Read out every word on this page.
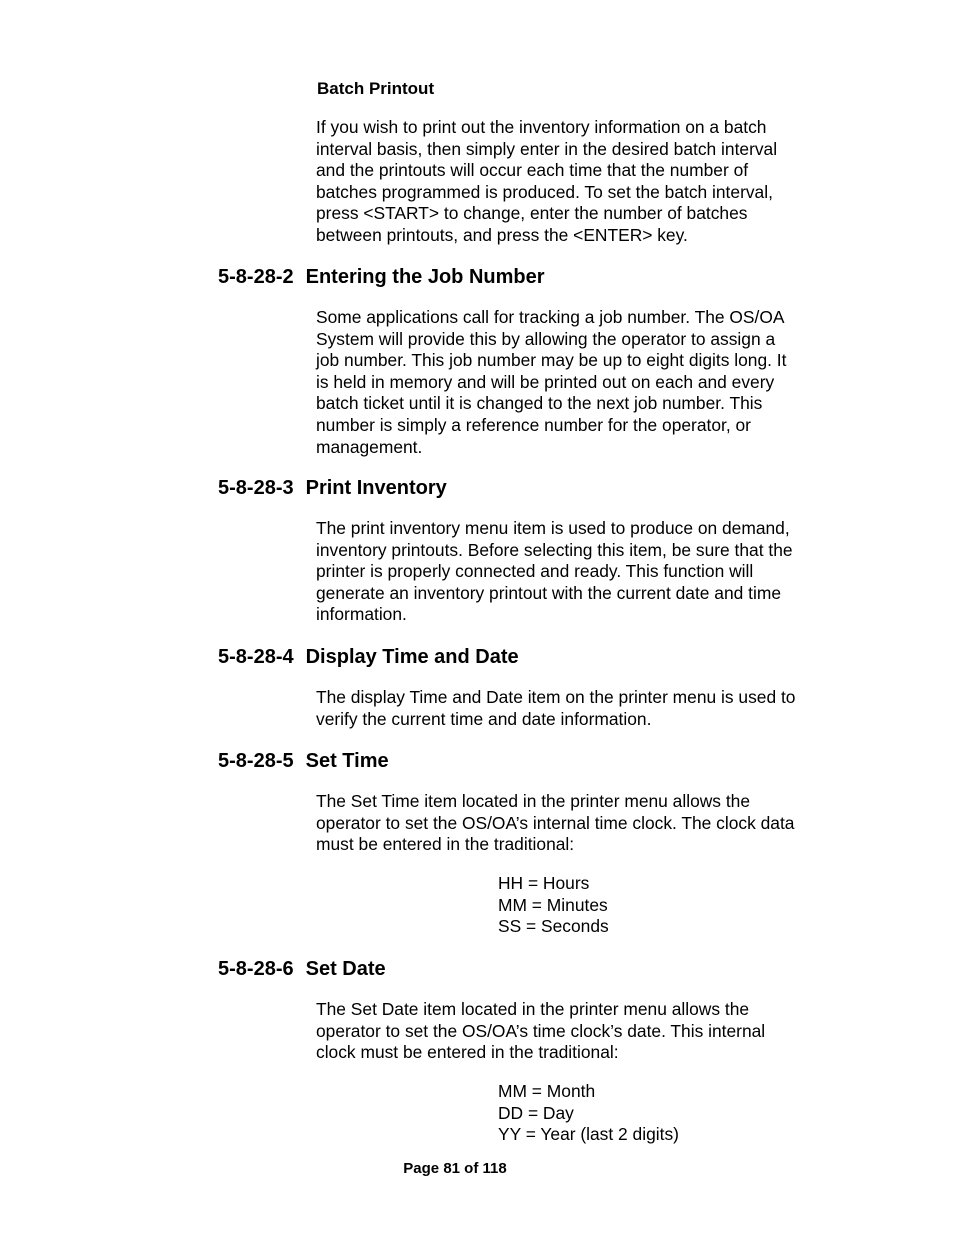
Batch Printout
If you wish to print out the inventory information on a batch
interval basis, then simply enter in the desired batch interval
and the printouts will occur each time that the number of
batches programmed is produced. To set the batch interval,
press <START> to change, enter the number of batches
between printouts, and press the <ENTER> key.
5-8-28-2 Entering the Job Number
Some applications call for tracking a job number. The OS/OA
System will provide this by allowing the operator to assign a
job number. This job number may be up to eight digits long. It
is held in memory and will be printed out on each and every
batch ticket until it is changed to the next job number. This
number is simply a reference number for the operator, or
management.
5-8-28-3 Print Inventory
The print inventory menu item is used to produce on demand,
inventory printouts. Before selecting this item, be sure that the
printer is properly connected and ready. This function will
generate an inventory printout with the current date and time
information.
5-8-28-4 Display Time and Date
The display Time and Date item on the printer menu is used to
verify the current time and date information.
5-8-28-5 Set Time
The Set Time item located in the printer menu allows the
operator to set the OS/OA’s internal time clock. The clock data
must be entered in the traditional:
HH = Hours
MM = Minutes
SS = Seconds
5-8-28-6 Set Date
The Set Date item located in the printer menu allows the
operator to set the OS/OA’s time clock’s date. This internal
clock must be entered in the traditional:
MM = Month
DD = Day
YY = Year (last 2 digits)
Page 81 of 118
